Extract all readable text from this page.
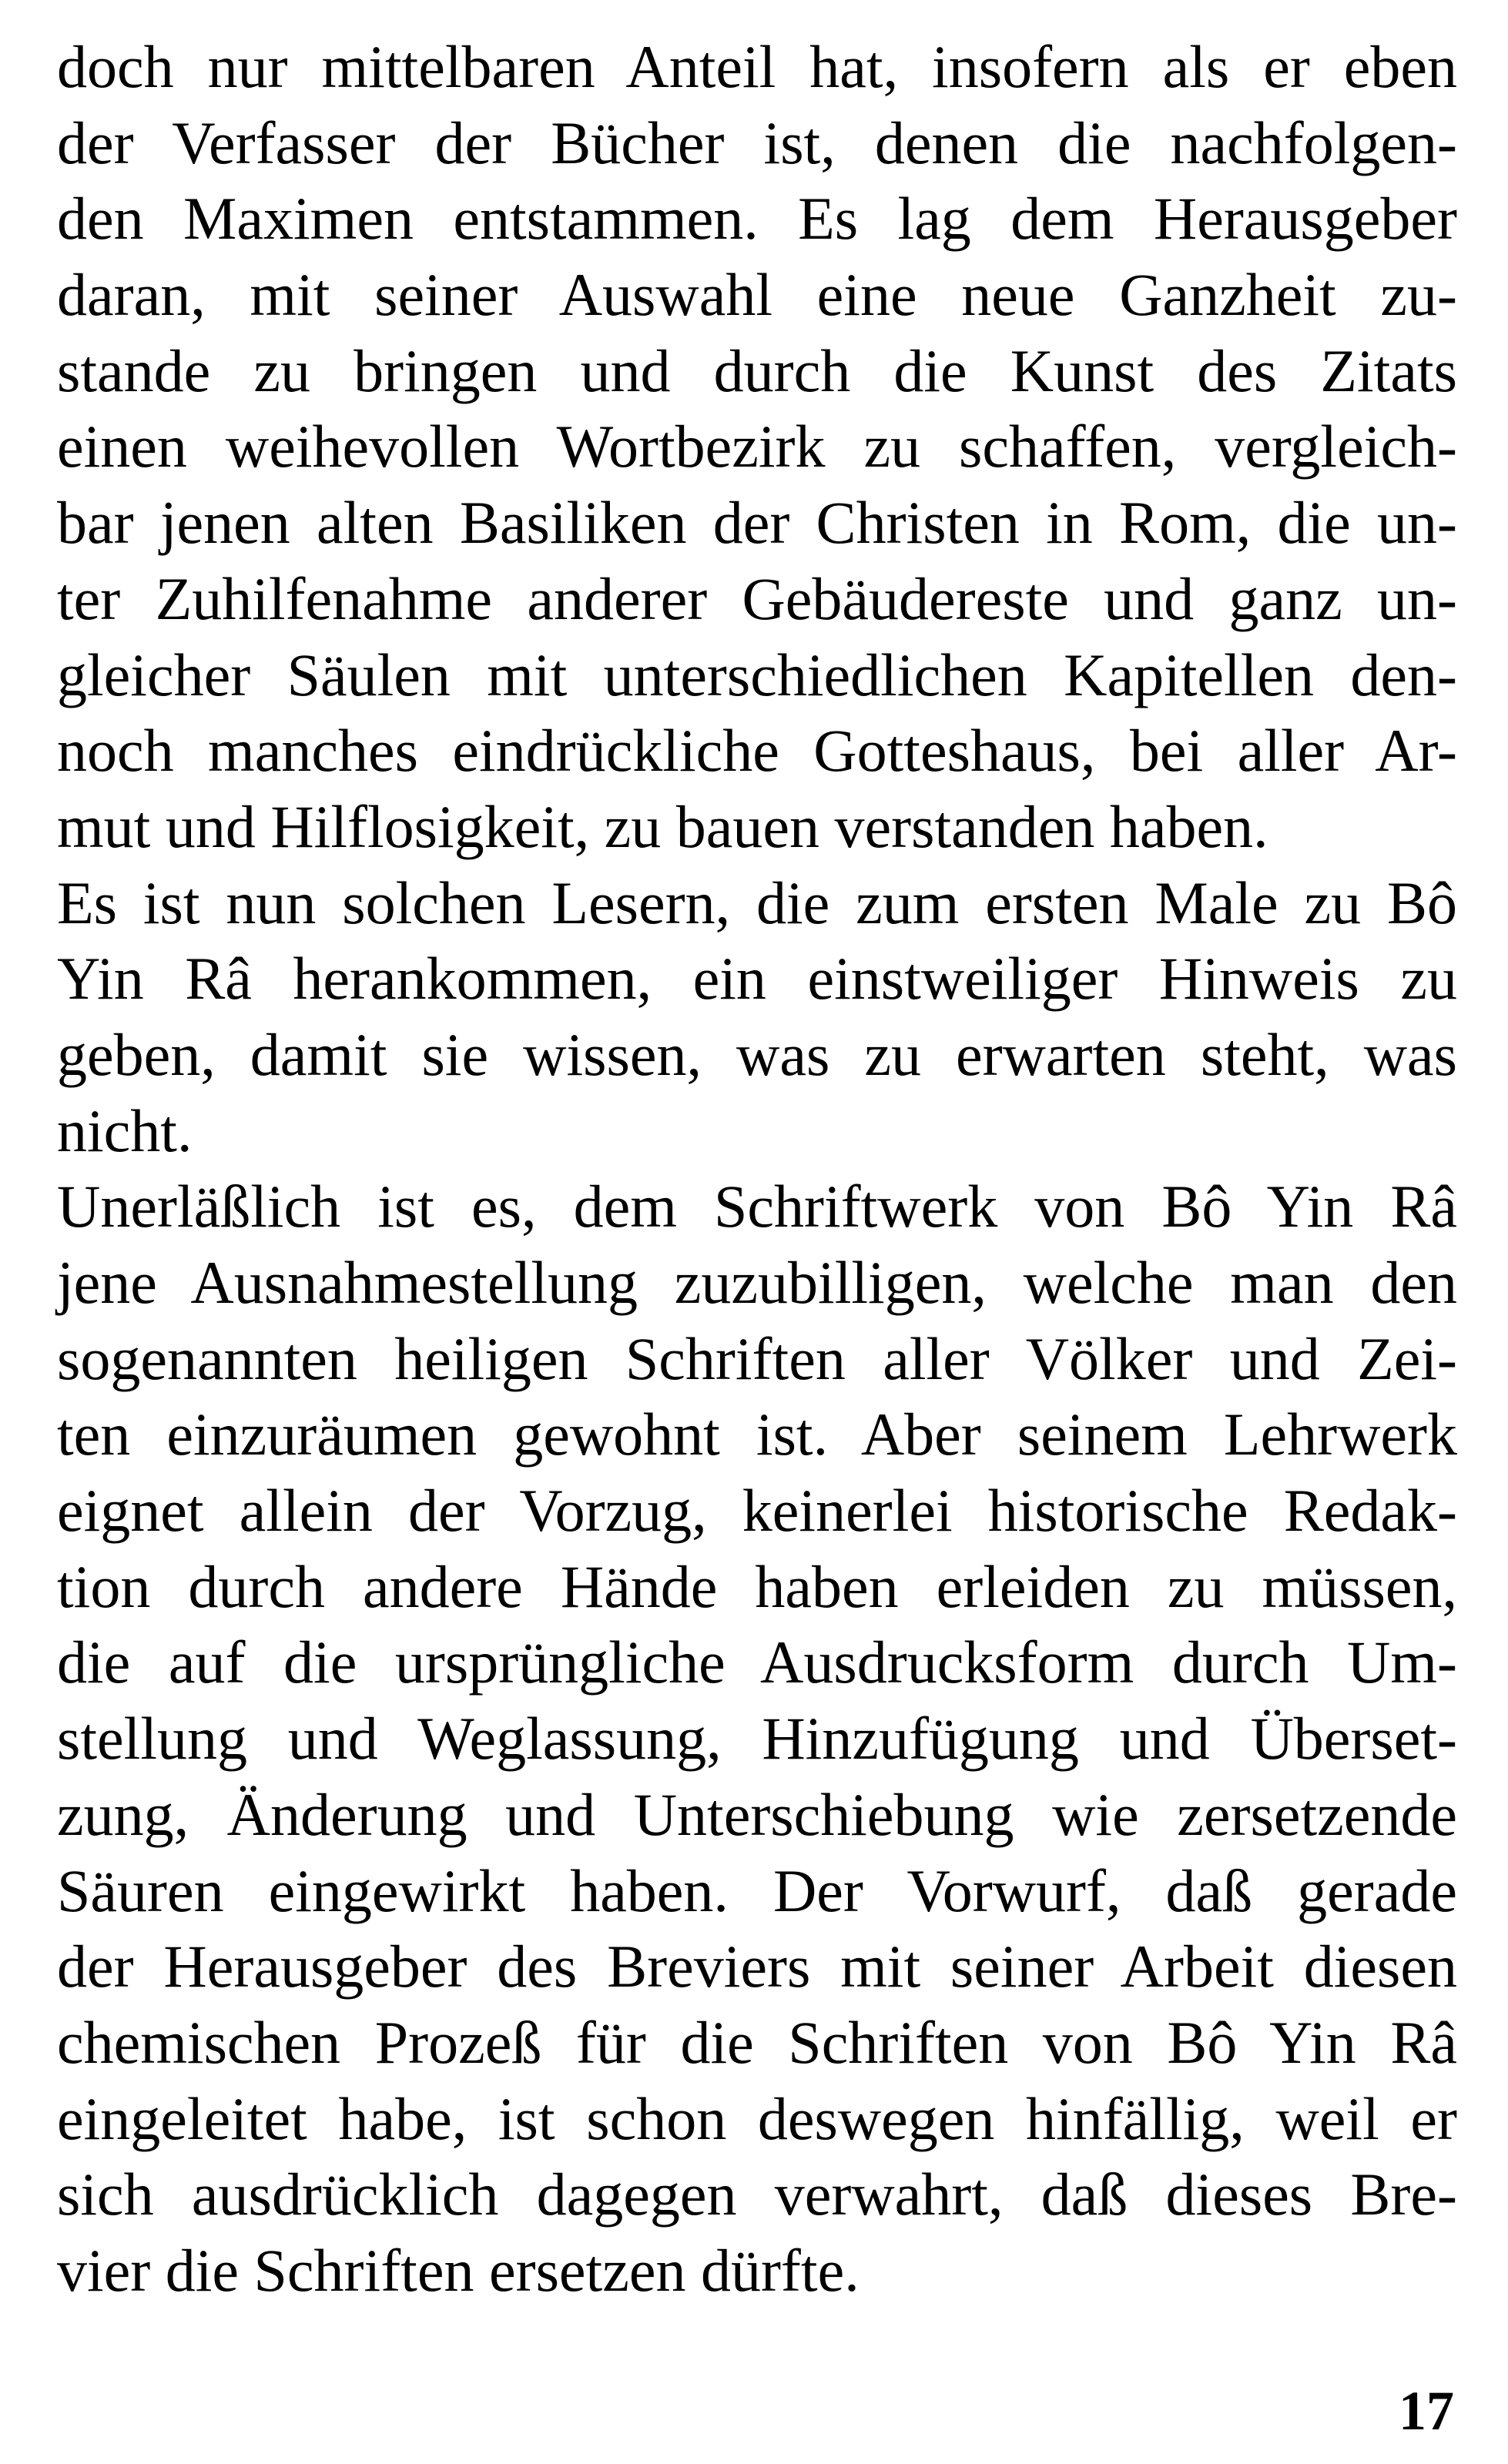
doch nur mittelbaren Anteil hat, insofern als er eben
der Verfasser der Bücher ist, denen die nachfolgen-
den Maximen entstammen. Es lag dem Herausgeber
daran, mit seiner Auswahl eine neue Ganzheit zu-
stande zu bringen und durch die Kunst des Zitats
einen weihevollen Wortbezirk zu schaffen, vergleich-
bar jenen alten Basiliken der Christen in Rom, die un-
ter Zuhilfenahme anderer Gebäudereste und ganz un-
gleicher Säulen mit unterschiedlichen Kapitellen den-
noch manches eindrückliche Gotteshaus, bei aller Ar-
mut und Hilflosigkeit, zu bauen verstanden haben.
Es ist nun solchen Lesern, die zum ersten Male zu Bô
Yin Râ herankommen, ein einstweiliger Hinweis zu
geben, damit sie wissen, was zu erwarten steht, was
nicht.
Unerläßlich ist es, dem Schriftwerk von Bô Yin Râ
jene Ausnahmestellung zuzubilligen, welche man den
sogenannten heiligen Schriften aller Völker und Zei-
ten einzuräumen gewohnt ist. Aber seinem Lehrwerk
eignet allein der Vorzug, keinerlei historische Redak-
tion durch andere Hände haben erleiden zu müssen,
die auf die ursprüngliche Ausdrucksform durch Um-
stellung und Weglassung, Hinzufügung und Überset-
zung, Änderung und Unterschiebung wie zersetzende
Säuren eingewirkt haben. Der Vorwurf, daß gerade
der Herausgeber des Breviers mit seiner Arbeit diesen
chemischen Prozeß für die Schriften von Bô Yin Râ
eingeleitet habe, ist schon deswegen hinfällig, weil er
sich ausdrücklich dagegen verwahrt, daß dieses Bre-
vier die Schriften ersetzen dürfte.
17
